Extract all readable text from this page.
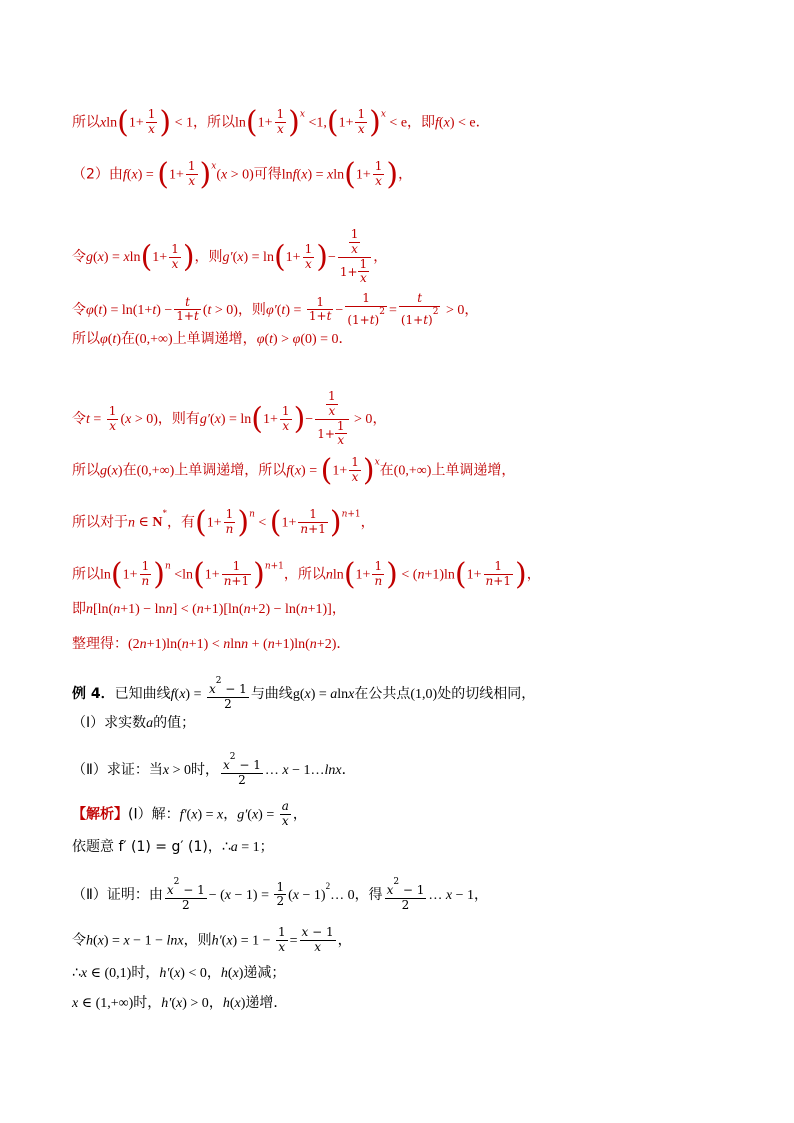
所以$xln(1+ \frac{1}{x}$ ) < 1，所以$\ln(1+ \frac{1}{x} )^x <1,(1+ \frac{1}{x} )^x < e$，即f(x) < e．
（2）由$f(x) = (1+ \frac{1}{x} )^x(x > 0)$可得$\ln f(x) = xln(1+ \frac{1}{x}$ )，
令$g(x) = xln(1+ \frac{1}{x}$ )，则$g'(x) = \ln(1+ \frac{1}{x}$ )− $\frac{\frac{1}{x}}{1+ \frac{1}{x}}$ ，
令$\varphi(t) = \ln(1+t) - \frac{t}{1+t} (t > 0)$，则$\varphi'(t) = \frac{1}{1+t} - \frac{1}{(1+t)^2} = \frac{t}{(1+t)^2} > 0$，
所以φ(t)在(0,+∞)上单调递增，φ(t) > φ(0) = 0．
令$t = \frac{1}{x} (x > 0)$，则有$g'(x) = \ln(1+ \frac{1}{x}$ )− $\frac{\frac{1}{x}}{1+ \frac{1}{x}} > 0$，
所以g(x)在(0,+∞)上单调递增，所以$f(x) = (1+ \frac{1}{x} )^x$在(0,+∞)上单调递增，
所以对于n ∈ N*，有$(1+ \frac{1}{n} )^n < (1+ \frac{1}{n+1} )^{n+1}$，
所以$\ln(1+ \frac{1}{n} )^n <\ln(1+ \frac{1}{n+1} )^{n+1}$，所以$nln(1+ \frac{1}{n}$ ) < $(n+1)\ln(1+ \frac{1}{n+1}$ )，
即n[ln(n+1) − lnn] < (n+1)[ln(n+2) − ln(n+1)]，
整理得：(2n+1)ln(n+1) < nlnn + (n+1)ln(n+2)．
例 4．已知曲线$f(x) = \frac{x^2 - 1}{2}$ 与曲线g(x) = alnx在公共点(1,0)处的切线相同，
（Ⅰ）求实数a的值；
（Ⅱ）求证：当x > 0时， $\frac{x^2 - 1}{2}$ … x − 1…lnx．
【解析】(Ⅰ）解：f′(x) = x，$g'(x) = \frac{a}{x}$ ，
依题意 f′ (1) = g′ (1)，∴a = 1；
（Ⅱ）证明：由 $\frac{x^2 - 1}{2} - (x - 1) = \frac{1}{2} (x$ − $1)^2\dots$ 0，得 $\frac{x^2 - 1}{2}$ … x − 1，
令h(x) = x − 1 − lnx，则$h'(x) = 1 - \frac{1}{x} = \frac{x - 1}{x}$ ，
∴x ∈ (0,1)时，h′(x) < 0，h(x)递减；
x ∈ (1,+∞)时，h′(x) > 0，h(x)递增．
